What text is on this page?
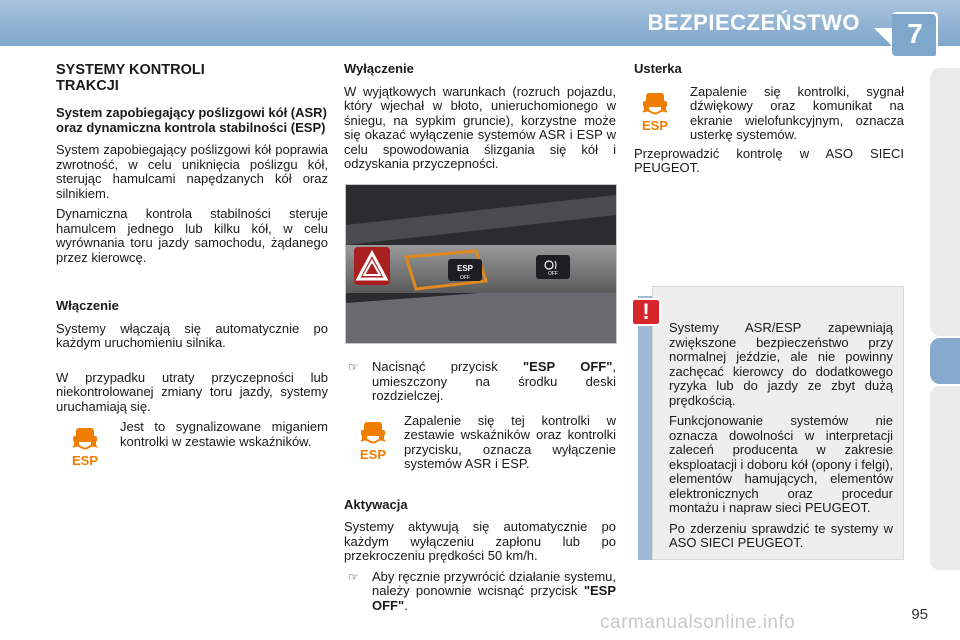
BEZPIECZEŃSTWO	7
SYSTEMY KONTROLI
TRAKCJI
System zapobiegający poślizgowi kół (ASR) oraz dynamiczna kontrola stabilności (ESP)

System zapobiegający poślizgowi kół poprawia zwrotność, w celu uniknięcia poślizgu kół, sterując hamulcami napędzanych kół oraz silnikiem.

Dynamiczna kontrola stabilności steruje hamulcem jednego lub kilku kół, w celu wyrównania toru jazdy samochodu, żądanego przez kierowcę.

Włączenie

Systemy włączają się automatycznie po każdym uruchomieniu silnika.

W przypadku utraty przyczepności lub niekontrolowanej zmiany toru jazdy, systemy uruchamiają się.

ESP
Jest to sygnalizowane miganiem kontrolki w zestawie wskaźników.
Wyłączenie

W wyjątkowych warunkach (rozruch pojazdu, który wjechał w błoto, unieruchomionego w śniegu, na sypkim gruncie), korzystne może się okazać wyłączenie systemów ASR i ESP w celu spowodowania ślizgania się kół i odzyskania przyczepności.

ESP
OFF
OFF
☞ Nacisnąć przycisk "ESP OFF", umieszczony na środku deski rozdzielczej.
ESP
Zapalenie się tej kontrolki w zestawie wskaźników oraz kontrolki przycisku, oznacza wyłączenie systemów ASR i ESP.
Aktywacja

Systemy aktywują się automatycznie po każdym wyłączeniu zapłonu lub po przekroczeniu prędkości 50 km/h.

☞ Aby ręcznie przywrócić działanie systemu, należy ponownie wcisnąć przycisk "ESP OFF".
Usterka
ESP
Zapalenie się kontrolki, sygnał dźwiękowy oraz komunikat na ekranie wielofunkcyjnym, oznacza usterkę systemów.

Przeprowadzić kontrolę w ASO SIECI PEUGEOT.

Systemy ASR/ESP zapewniają zwiększone bezpieczeństwo przy normalnej jeździe, ale nie powinny zachęcać kierowcy do dodatkowego ryzyka lub do jazdy ze zbyt dużą prędkością.

Funkcjonowanie systemów nie oznacza dowolności w interpretacji zaleceń producenta w zakresie eksploatacji i doboru kół (opony i felgi), elementów hamujących, elementów elektronicznych oraz procedur montażu i napraw sieci PEUGEOT.

Po zderzeniu sprawdzić te systemy w ASO SIECI PEUGEOT.

!
carmanualsonline.info	95
